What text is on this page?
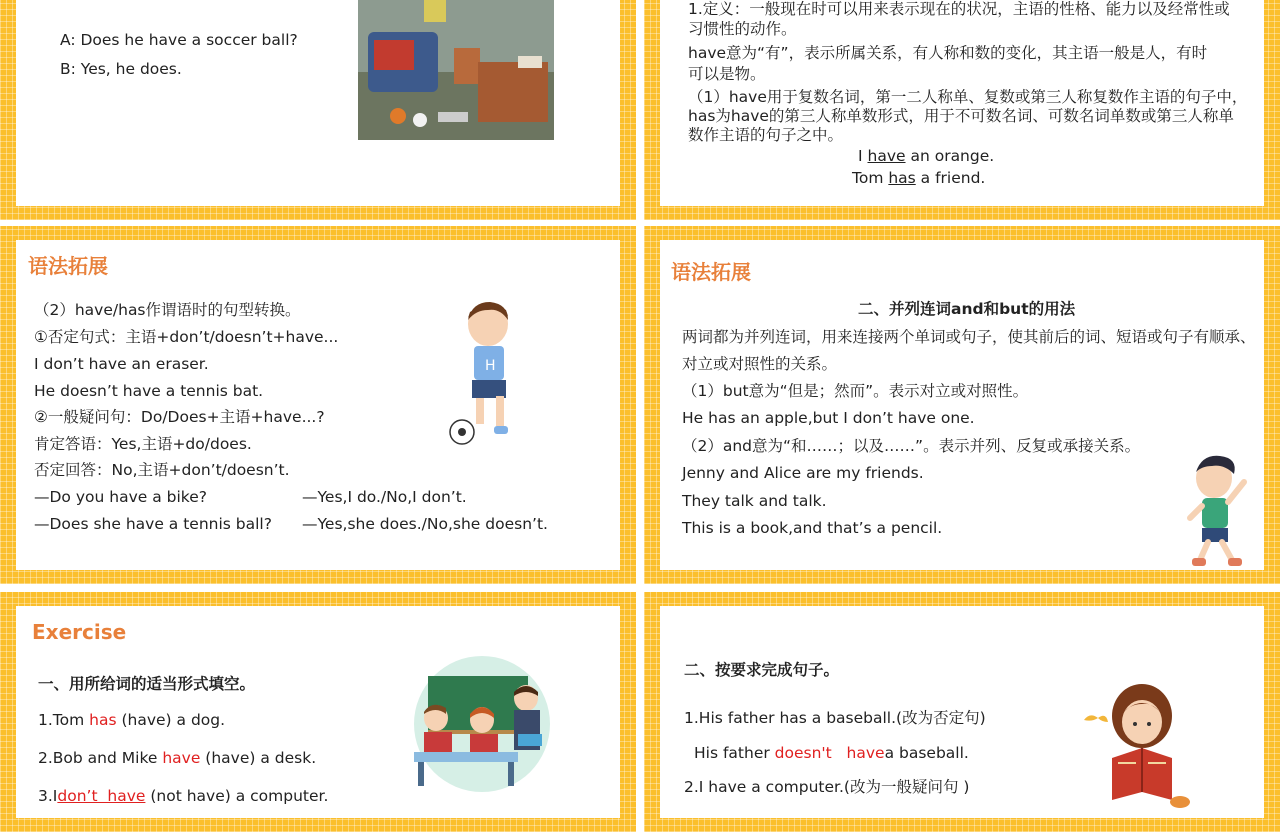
A: Does he have a soccer ball?
B: Yes, he does.
1.定义：一般现在时可以用来表示现在的状况，主语的性格、能力以及经常性或
习惯性的动作。
have意为“有”，表示所属关系，有人称和数的变化，其主语一般是人，有时
可以是物。
（1）have用于复数名词，第一二人称单、复数或第三人称复数作主语的句子中，
has为have的第三人称单数形式，用于不可数名词、可数名词单数或第三人称单
数作主语的句子之中。
I have an orange.
Tom has a friend.
语法拓展
（2）have/has作谓语时的句型转换。
①否定句式：主语+don’t/doesn’t+have...
I don’t have an eraser.
He doesn’t have a tennis bat.
②一般疑问句：Do/Does+主语+have...?
肯定答语：Yes,主语+do/does.
否定回答：No,主语+don’t/doesn’t.
—Do you have a bike?	—Yes,I do./No,I don’t.
—Does she have a tennis ball? —Yes,she does./No,she doesn’t.
H
语法拓展
二、并列连词and和but的用法
两词都为并列连词，用来连接两个单词或句子，使其前后的词、短语或句子有顺承、
对立或对照性的关系。
（1）but意为“但是；然而”。表示对立或对照性。
He has an apple,but I don’t have one.
（2）and意为“和……；以及……”。表示并列、反复或承接关系。
Jenny and Alice are my friends.
They talk and talk.
This is a book,and that’s a pencil.
Exercise
一、用所给词的适当形式填空。
1.Tom has (have) a dog.
2.Bob and Mike have (have) a desk.
3.Idon’t  have (not have) a computer.
二、按要求完成句子。
1.His father has a baseball.(改为否定句)
His father doesn't havea baseball.
2.I have a computer.(改为一般疑问句 )
